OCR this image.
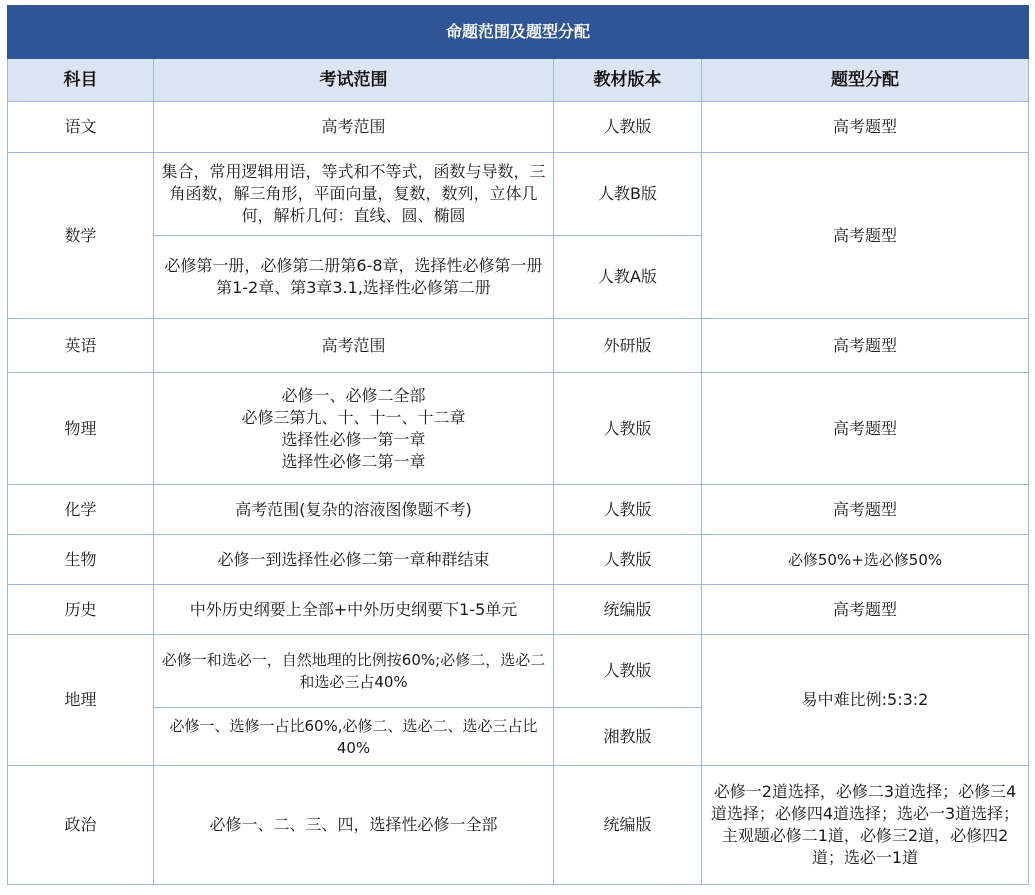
命题范围及题型分配			
科目	考试范围	教材版本	题型分配
语文	高考范围	人教版	高考题型
数学	集合，常用逻辑用语，等式和不等式，函数与导数，三角函数，解三角形，平面向量，复数，数列，立体几何，解析几何：直线、圆、椭圆	人教B版	高考题型
	必修第一册，必修第二册第6-8章，选择性必修第一册第1-2章、第3章3.1,选择性必修第二册	人教A版	
英语	高考范围	外研版	高考题型
物理	必修一、必修二全部
必修三第九、十、十一、十二章
选择性必修一第一章
选择性必修二第一章	人教版	高考题型
化学	高考范围(复杂的溶液图像题不考)	人教版	高考题型
生物	必修一到选择性必修二第一章种群结束	人教版	必修50%+选必修50%
历史	中外历史纲要上全部+中外历史纲要下1-5单元	统编版	高考题型
地理	必修一和选必一，自然地理的比例按60%;必修二，选必二和选必三占40%	人教版	易中难比例:5:3:2
	必修一、选修一占比60%,必修二、选必二、选必三占比40%	湘教版	
政治	必修一、二、三、四，选择性必修一全部	统编版	必修一2道选择，必修二3道选择；必修三4道选择；必修四4道选择；选必一3道选择；主观题必修二1道，必修三2道，必修四2道；选必一1道
